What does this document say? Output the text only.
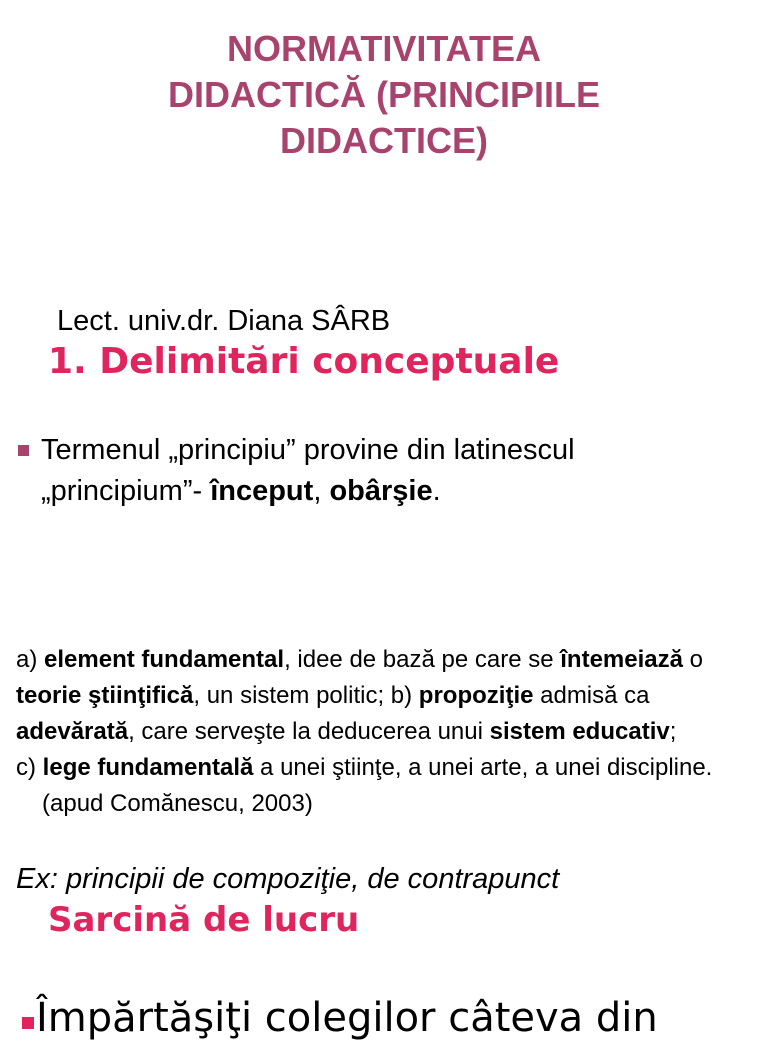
NORMATIVITATEA
DIDACTICĂ (PRINCIPIILE
DIDACTICE)
Lect. univ.dr. Diana SÂRB
1. Delimitări conceptuale
Termenul „principiu” provine din latinescul „principium”- început, obârşie.
a) element fundamental, idee de bază pe care se întemeiază o teorie ştiinţifică, un sistem politic; b) propoziţie admisă ca adevărată, care serveşte la deducerea unui sistem educativ;
c) lege fundamentală a unei ştiinţe, a unei arte, a unei discipline. (apud Comănescu, 2003)
Ex: principii de compoziţie, de contrapunct
Sarcină de lucru
Împărtăşiţi colegilor câteva din
